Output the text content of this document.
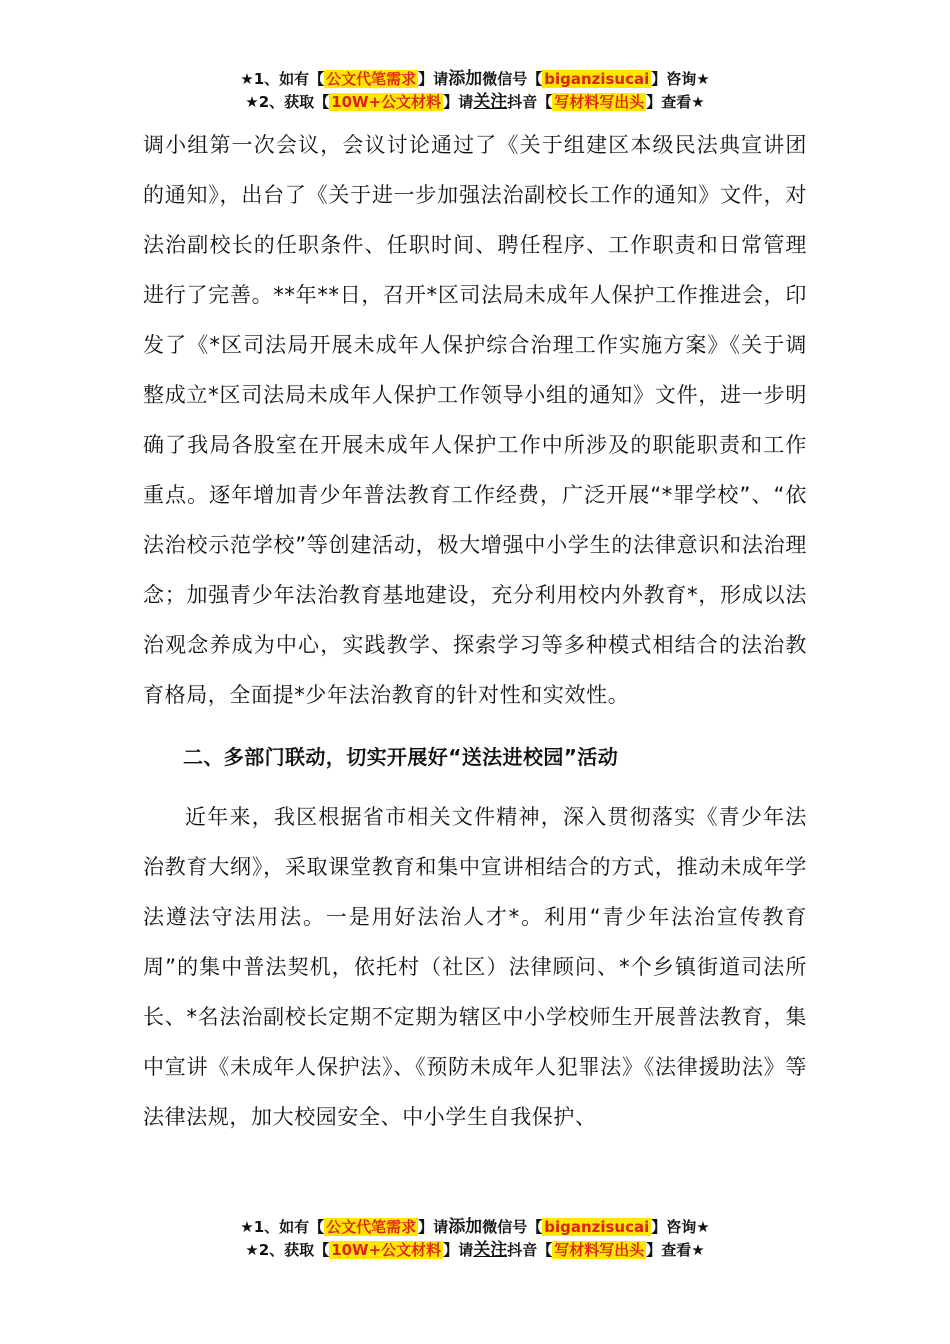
★1、如有【 公文代笔需求 】请添加微信号【 biganzisucai 】咨询★
★2、获取【 10W+公文材料 】请关注抖音【 写材料写出头 】查看★

调小组第一次会议，会议讨论通过了《关于组建区本级民法典宣讲团的通知》，出台了《关于进一步加强法治副校长工作的通知》文件，对法治副校长的任职条件、任职时间、聘任程序、工作职责和日常管理进行了完善。**年**日，召开*区司法局未成年人保护工作推进会，印发了《*区司法局开展未成年人保护综合治理工作实施方案》《关于调整成立*区司法局未成年人保护工作领导小组的通知》文件，进一步明确了我局各股室在开展未成年人保护工作中所涉及的职能职责和工作重点。逐年增加青少年普法教育工作经费，广泛开展“*罪学校”、“依法治校示范学校”等创建活动，极大增强中小学生的法律意识和法治理念；加强青少年法治教育基地建设，充分利用校内外教育*，形成以法治观念养成为中心，实践教学、探索学习等多种模式相结合的法治教育格局，全面提*少年法治教育的针对性和实效性。

二、多部门联动，切实开展好“送法进校园”活动

近年来，我区根据省市相关文件精神，深入贯彻落实《青少年法治教育大纲》，采取课堂教育和集中宣讲相结合的方式，推动未成年学法遵法守法用法。一是用好法治人才*。利用“青少年法治宣传教育周”的集中普法契机，依托村（社区）法律顾问、*个乡镇街道司法所长、*名法治副校长定期不定期为辖区中小学校师生开展普法教育，集中宣讲《未成年人保护法》、《预防未成年人犯罪法》《法律援助法》等法律法规，加大校园安全、中小学生自我保护、

★1、如有【 公文代笔需求 】请添加微信号【 biganzisucai 】咨询★
★2、获取【 10W+公文材料 】请关注抖音【 写材料写出头 】查看★
